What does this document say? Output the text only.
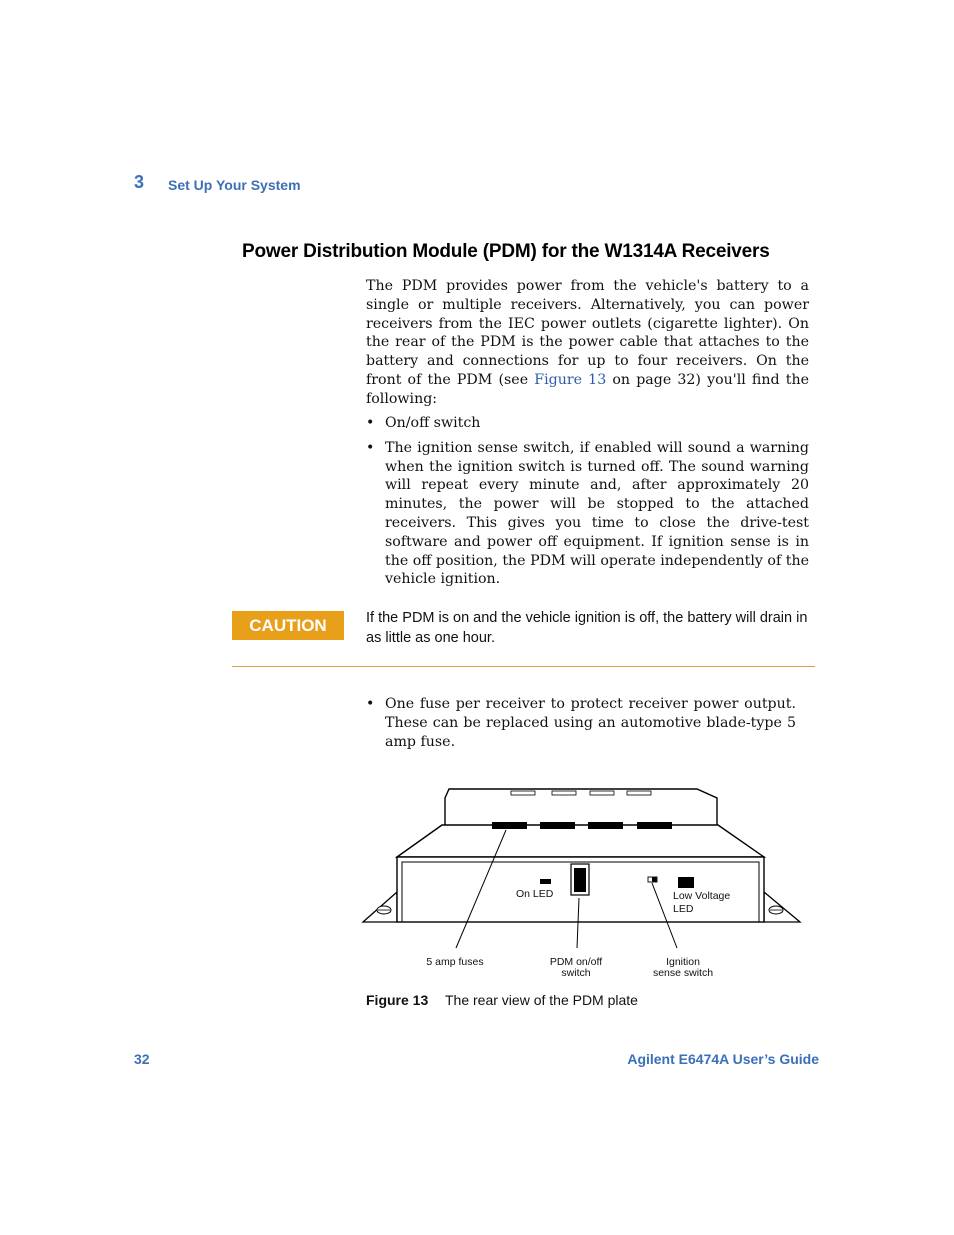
3 Set Up Your System
Power Distribution Module (PDM) for the W1314A Receivers
The PDM provides power from the vehicle's battery to a single or multiple receivers. Alternatively, you can power receivers from the IEC power outlets (cigarette lighter). On the rear of the PDM is the power cable that attaches to the battery and connections for up to four receivers. On the front of the PDM (see Figure 13 on page 32) you'll find the following:
• On/off switch
• The ignition sense switch, if enabled will sound a warning when the ignition switch is turned off. The sound warning will repeat every minute and, after approximately 20 minutes, the power will be stopped to the attached receivers. This gives you time to close the drive-test software and power off equipment. If ignition sense is in the off position, the PDM will operate independently of the vehicle ignition.
CAUTION	If the PDM is on and the vehicle ignition is off, the battery will drain in as little as one hour.
• One fuse per receiver to protect receiver power output. These can be replaced using an automotive blade-type 5 amp fuse.
On LED	Low Voltage
LED
5 amp fuses	PDM on/off
switch
Ignition
sense switch
Figure 13 The rear view of the PDM plate
32	Agilent E6474A User’s Guide
